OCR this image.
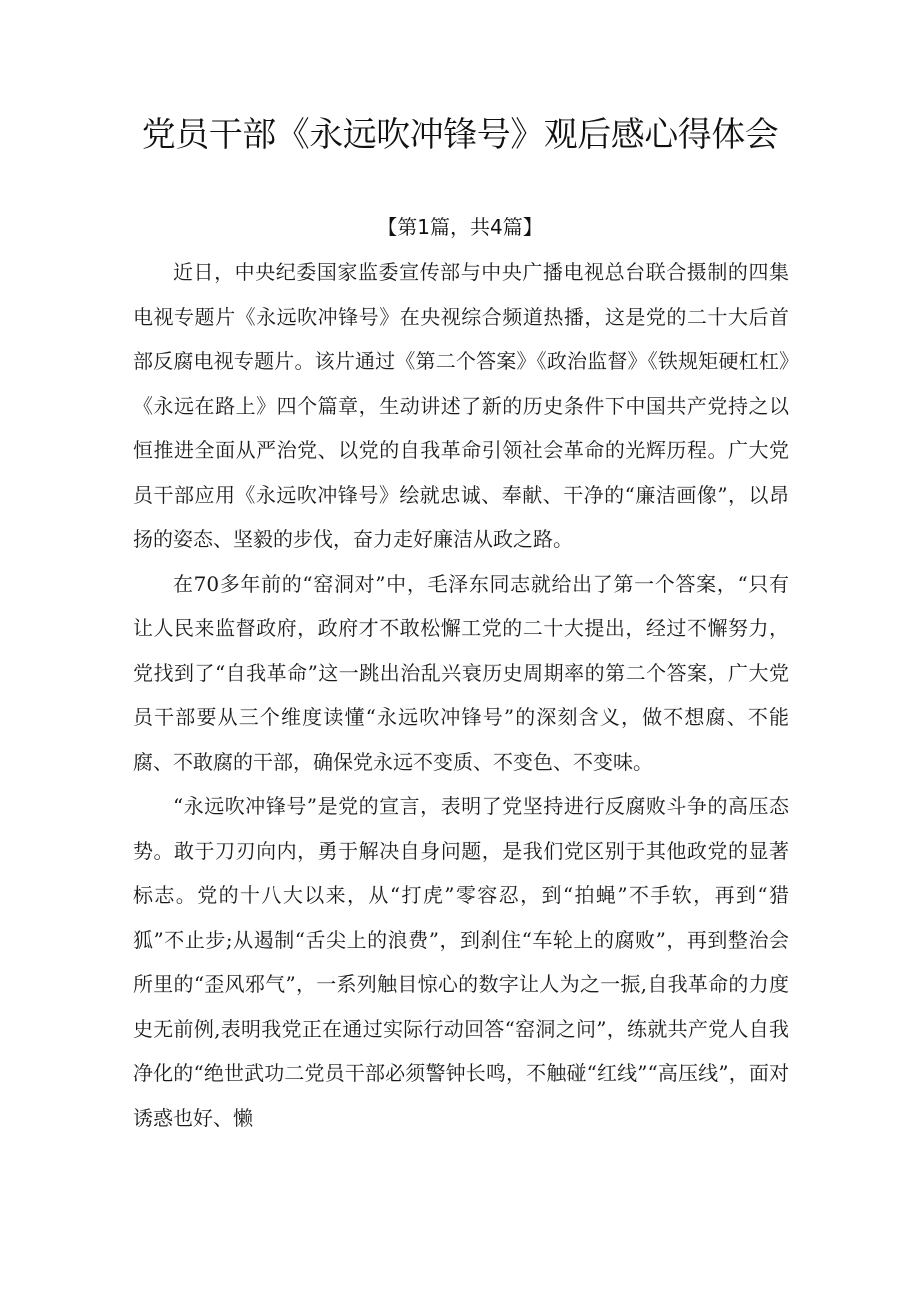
党员干部《永远吹冲锋号》观后感心得体会
【第1篇，共4篇】

近日，中央纪委国家监委宣传部与中央广播电视总台联合摄制的四集电视专题片《永远吹冲锋号》在央视综合频道热播，这是党的二十大后首部反腐电视专题片。该片通过《第二个答案》《政治监督》《铁规矩硬杠杠》《永远在路上》四个篇章，生动讲述了新的历史条件下中国共产党持之以恒推进全面从严治党、以党的自我革命引领社会革命的光辉历程。广大党员干部应用《永远吹冲锋号》绘就忠诚、奉献、干净的“廉洁画像”，以昂扬的姿态、坚毅的步伐，奋力走好廉洁从政之路。

在70多年前的“窑洞对”中，毛泽东同志就给出了第一个答案，“只有让人民来监督政府，政府才不敢松懈工党的二十大提出，经过不懈努力，党找到了“自我革命”这一跳出治乱兴衰历史周期率的第二个答案，广大党员干部要从三个维度读懂“永远吹冲锋号”的深刻含义，做不想腐、不能腐、不敢腐的干部，确保党永远不变质、不变色、不变味。

“永远吹冲锋号”是党的宣言，表明了党坚持进行反腐败斗争的高压态势。敢于刀刃向内，勇于解决自身问题，是我们党区别于其他政党的显著标志。党的十八大以来，从“打虎”零容忍，到“拍蝇”不手软，再到“猎狐”不止步;从遏制“舌尖上的浪费”，到刹住“车轮上的腐败”，再到整治会所里的“歪风邪气”，一系列触目惊心的数字让人为之一振,自我革命的力度史无前例,表明我党正在通过实际行动回答“窑洞之问”，练就共产党人自我净化的“绝世武功二党员干部必须警钟长鸣，不触碰“红线”“高压线”，面对诱惑也好、懒
